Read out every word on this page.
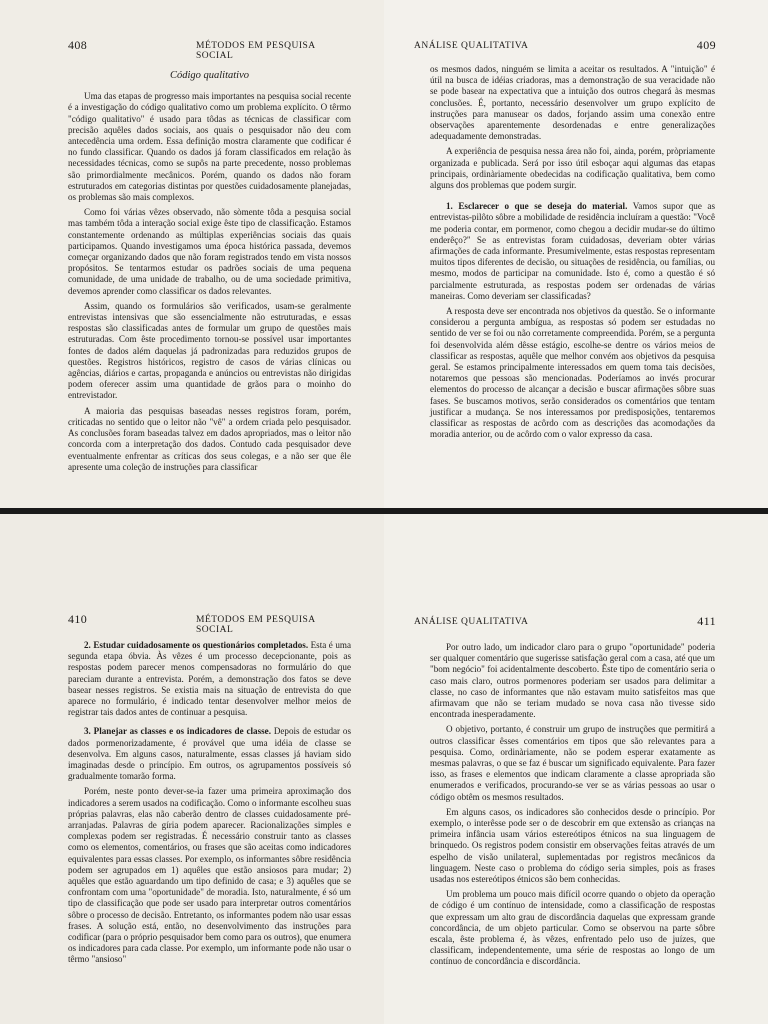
408	MÉTODOS EM PESQUISA SOCIAL
Código qualitativo

Uma das etapas de progresso mais importantes na pesquisa social recente é a investigação do código qualitativo como um problema explícito. O têrmo "código qualitativo" é usado para tôdas as técnicas de classificar com precisão aquêles dados sociais, aos quais o pesquisador não deu com antecedência uma ordem. Essa definição mostra claramente que codificar é no fundo classificar. Quando os dados já foram classificados em relação às necessidades técnicas, como se supôs na parte precedente, nosso problemas são primordialmente mecânicos. Porém, quando os dados não foram estruturados em categorias distintas por questões cuidadosamente planejadas, os problemas são mais complexos.

Como foi várias vêzes observado, não sòmente tôda a pesquisa social mas também tôda a interação social exige êste tipo de classificação. Estamos constantemente ordenando as múltiplas experiências sociais das quais participamos. Quando investigamos uma época histórica passada, devemos começar organizando dados que não foram registrados tendo em vista nossos propósitos. Se tentarmos estudar os padrões sociais de uma pequena comunidade, de uma unidade de trabalho, ou de uma sociedade primitiva, devemos aprender como classificar os dados relevantes.

Assim, quando os formulários são verificados, usam-se geralmente entrevistas intensivas que são essencialmente não estruturadas, e essas respostas são classificadas antes de formular um grupo de questões mais estruturadas. Com êste procedimento tornou-se possível usar importantes fontes de dados além daquelas já padronizadas para reduzidos grupos de questões. Registros históricos, registro de casos de várias clínicas ou agências, diários e cartas, propaganda e anúncios ou entrevistas não dirigidas podem oferecer assim uma quantidade de grãos para o moinho do entrevistador.

A maioria das pesquisas baseadas nesses registros foram, porém, criticadas no sentido que o leitor não "vê" a ordem criada pelo pesquisador. As conclusões foram baseadas talvez em dados apropriados, mas o leitor não concorda com a interpretação dos dados. Contudo cada pesquisador deve eventualmente enfrentar as críticas dos seus colegas, e a não ser que êle apresente uma coleção de instruções para classificar

ANÁLISE QUALITATIVA	409

os mesmos dados, ninguém se limita a aceitar os resultados. A "intuição" é útil na busca de idéias criadoras, mas a demonstração de sua veracidade não se pode basear na expectativa que a intuição dos outros chegará às mesmas conclusões. É, portanto, necessário desenvolver um grupo explícito de instruções para manusear os dados, forjando assim uma conexão entre observações aparentemente desordenadas e entre generalizações adequadamente demonstradas.

A experiência de pesquisa nessa área não foi, ainda, porém, pròpriamente organizada e publicada. Será por isso útil esboçar aqui algumas das etapas principais, ordinàriamente obedecidas na codificação qualitativa, bem como alguns dos problemas que podem surgir.

1. Esclarecer o que se deseja do material. Vamos supor que as entrevistas-pilôto sôbre a mobilidade de residência incluíram a questão: "Você me poderia contar, em pormenor, como chegou a decidir mudar-se do último enderêço?" Se as entrevistas foram cuidadosas, deveriam obter várias afirmações de cada informante. Presumivelmente, estas respostas representam muitos tipos diferentes de decisão, ou situações de residência, ou famílias, ou mesmo, modos de participar na comunidade. Isto é, como a questão é só parcialmente estruturada, as respostas podem ser ordenadas de várias maneiras. Como deveriam ser classificadas?

A resposta deve ser encontrada nos objetivos da questão. Se o informante considerou a pergunta ambígua, as respostas só podem ser estudadas no sentido de ver se foi ou não corretamente compreendida. Porém, se a pergunta foi desenvolvida além dêsse estágio, escolhe-se dentre os vários meios de classificar as respostas, aquêle que melhor convém aos objetivos da pesquisa geral. Se estamos principalmente interessados em quem toma tais decisões, notaremos que pessoas são mencionadas. Poderíamos ao invés procurar elementos do processo de alcançar a decisão e buscar afirmações sôbre suas fases. Se buscamos motivos, serão considerados os comentários que tentam justificar a mudança. Se nos interessamos por predisposições, tentaremos classificar as respostas de acôrdo com as descrições das acomodações da moradia anterior, ou de acôrdo com o valor expresso da casa.

410	MÉTODOS EM PESQUISA SOCIAL

2. Estudar cuidadosamente os questionários completados. Esta é uma segunda etapa óbvia. Às vêzes é um processo decepcionante, pois as respostas podem parecer menos compensadoras no formulário do que pareciam durante a entrevista. Porém, a demonstração dos fatos se deve basear nesses registros. Se existia mais na situação de entrevista do que aparece no formulário, é indicado tentar desenvolver melhor meios de registrar tais dados antes de continuar a pesquisa.

3. Planejar as classes e os indicadores de classe. Depois de estudar os dados pormenorizadamente, é provável que uma idéia de classe se desenvolva. Em alguns casos, naturalmente, essas classes já haviam sido imaginadas desde o princípio. Em outros, os agrupamentos possíveis só gradualmente tomarão forma.

Porém, neste ponto dever-se-ia fazer uma primeira aproximação dos indicadores a serem usados na codificação. Como o informante escolheu suas próprias palavras, elas não caberão dentro de classes cuidadosamente pré-arranjadas. Palavras de gíria podem aparecer. Racionalizações simples e complexas podem ser registradas. É necessário construir tanto as classes como os elementos, comentários, ou frases que são aceitas como indicadores equivalentes para essas classes. Por exemplo, os informantes sôbre residência podem ser agrupados em 1) aquêles que estão ansiosos para mudar; 2) aquêles que estão aguardando um tipo definido de casa; e 3) aquêles que se confrontam com uma "oportunidade" de moradia. Isto, naturalmente, é só um tipo de classificação que pode ser usado para interpretar outros comentários sôbre o processo de decisão. Entretanto, os informantes podem não usar essas frases. A solução está, então, no desenvolvimento das instruções para codificar (para o próprio pesquisador bem como para os outros), que enumera os indicadores para cada classe. Por exemplo, um informante pode não usar o têrmo "ansioso"

ANÁLISE QUALITATIVA	411

Por outro lado, um indicador claro para o grupo "oportunidade" poderia ser qualquer comentário que sugerisse satisfação geral com a casa, até que um "bom negócio" foi acidentalmente descoberto. Êste tipo de comentário seria o caso mais claro, outros pormenores poderiam ser usados para delimitar a classe, no caso de informantes que não estavam muito satisfeitos mas que afirmavam que não se teriam mudado se nova casa não tivesse sido encontrada inesperadamente.

O objetivo, portanto, é construir um grupo de instruções que permitirá a outros classificar êsses comentários em tipos que são relevantes para a pesquisa. Como, ordinàriamente, não se podem esperar exatamente as mesmas palavras, o que se faz é buscar um significado equivalente. Para fazer isso, as frases e elementos que indicam claramente a classe apropriada são enumerados e verificados, procurando-se ver se as várias pessoas ao usar o código obtêm os mesmos resultados.

Em alguns casos, os indicadores são conhecidos desde o princípio. Por exemplo, o interêsse pode ser o de descobrir em que extensão as crianças na primeira infância usam vários estereótipos étnicos na sua linguagem de brinquedo. Os registros podem consistir em observações feitas através de um espelho de visão unilateral, suplementadas por registros mecânicos da linguagem. Neste caso o problema do código seria simples, pois as frases usadas nos estereótipos étnicos são bem conhecidas.

Um problema um pouco mais difícil ocorre quando o objeto da operação de código é um contínuo de intensidade, como a classificação de respostas que expressam um alto grau de discordância daquelas que expressam grande concordância, de um objeto particular. Como se observou na parte sôbre escala, êste problema é, às vêzes, enfrentado pelo uso de juízes, que classificam, independentemente, uma série de respostas ao longo de um contínuo de concordância e discordância.
